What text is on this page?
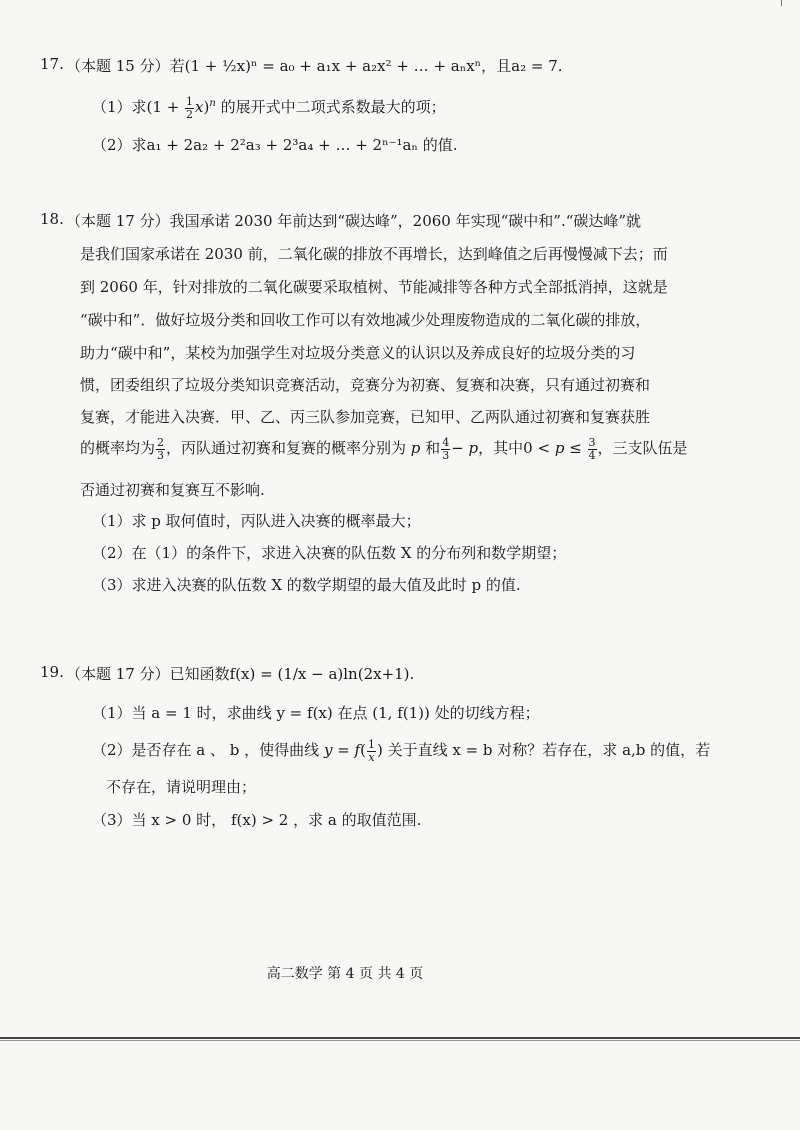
17. （本题 15 分）若(1 + ½x)ⁿ = a₀ + a₁x + a₂x² + … + aₙxⁿ，且a₂ = 7.
（1）求$(1 + \frac{1}{2} x)^n$ 的展开式中二项式系数最大的项；
（2）求a₁ + 2a₂ + 2²a₃ + 2³a₄ + … + 2ⁿ⁻¹aₙ 的值.
18. （本题 17 分）我国承诺 2030 年前达到“碳达峰”，2060 年实现“碳中和”.“碳达峰”就
是我们国家承诺在 2030 前，二氧化碳的排放不再增长，达到峰值之后再慢慢减下去；而
到 2060 年，针对排放的二氧化碳要采取植树、节能减排等各种方式全部抵消掉，这就是
“碳中和”．做好垃圾分类和回收工作可以有效地减少处理废物造成的二氧化碳的排放，
助力“碳中和”，某校为加强学生对垃圾分类意义的认识以及养成良好的垃圾分类的习
惯，团委组织了垃圾分类知识竞赛活动，竞赛分为初赛、复赛和决赛，只有通过初赛和
复赛，才能进入决赛．甲、乙、丙三队参加竞赛，已知甲、乙两队通过初赛和复赛获胜
的概率均为 $\frac{2}{3}$ ，丙队通过初赛和复赛的概率分别为 p 和 $\frac{4}{3} - p$，其中$0 < p \le \frac{3}{4}$ ，三支队伍是
否通过初赛和复赛互不影响.
（1）求 p 取何值时，丙队进入决赛的概率最大；
（2）在（1）的条件下，求进入决赛的队伍数 X 的分布列和数学期望；
（3）求进入决赛的队伍数 X 的数学期望的最大值及此时 p 的值.
19. （本题 17 分）已知函数f(x) = (1/x − a)ln(2x+1).
（1）当 a = 1 时，求曲线 y = f(x) 在点 (1, f(1)) 处的切线方程；
（2）是否存在 a 、 b ，使得曲线 $y = f( \frac{1}{x}$ ) 关于直线 x = b 对称？若存在，求 a,b 的值，若
不存在，请说明理由；
（3）当 x > 0 时， f(x) > 2 ，求 a 的取值范围.
高二数学 第 4 页 共 4 页
